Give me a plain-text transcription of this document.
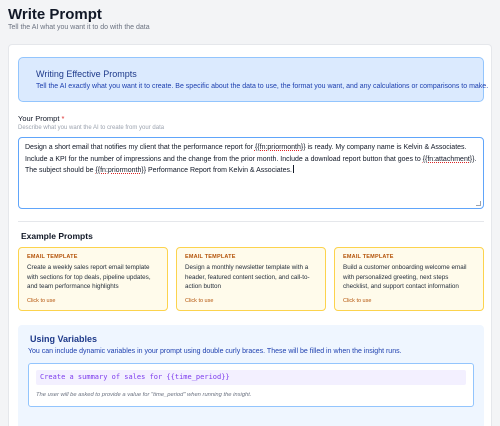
Write Prompt
Tell the AI what you want it to do with the data
Writing Effective Prompts
Tell the AI exactly what you want it to create. Be specific about the data to use, the format you want, and any calculations or comparisons to make.
Your Prompt *
Describe what you want the AI to create from your data
Design a short email that notifies my client that the performance report for {{fn:priormonth}} is ready. My company name is Kelvin & Associates. Include a KPI for the number of impressions and the change from the prior month. Include a download report button that goes to {{fn:attachment}}. The subject should be {{fn:priormonth}} Performance Report from Kelvin & Associates.
Example Prompts
EMAIL TEMPLATE
Create a weekly sales report email template with sections for top deals, pipeline updates, and team performance highlights
Click to use
EMAIL TEMPLATE
Design a monthly newsletter template with a header, featured content section, and call-to-action button
Click to use
EMAIL TEMPLATE
Build a customer onboarding welcome email with personalized greeting, next steps checklist, and support contact information
Click to use
Using Variables
You can include dynamic variables in your prompt using double curly braces. These will be filled in when the insight runs.
Create a summary of sales for {{time_period}}
The user will be asked to provide a value for "time_period" when running the insight.
